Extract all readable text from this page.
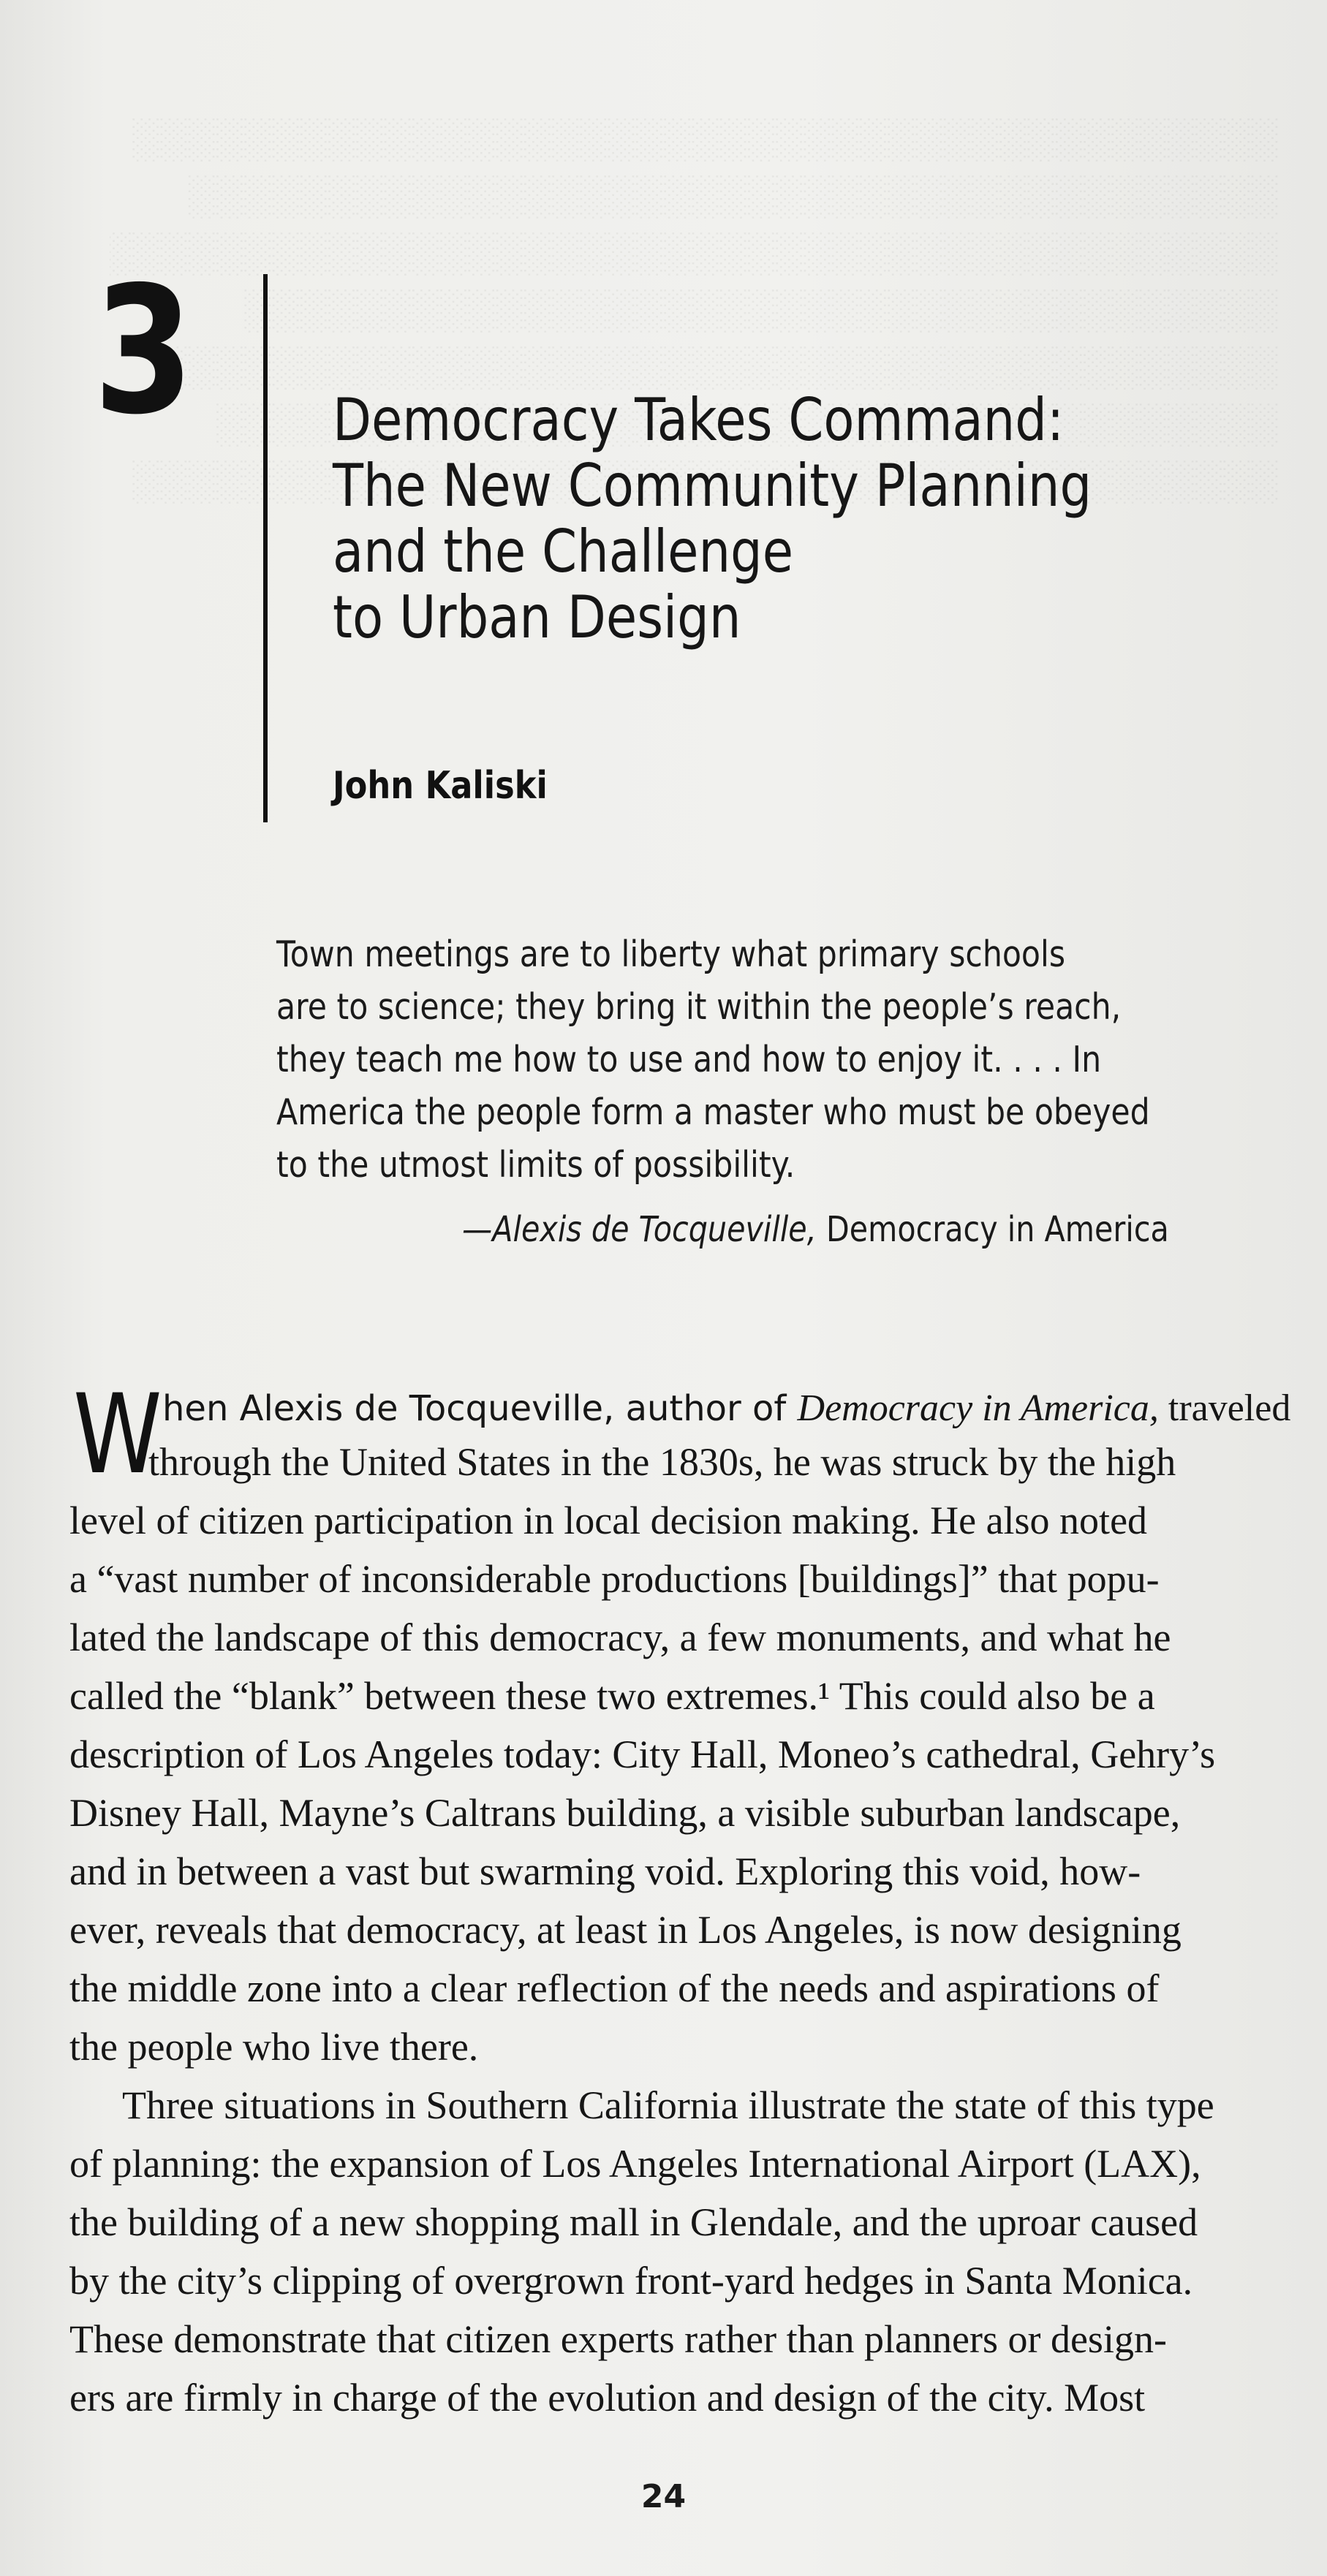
3 Democracy Takes Command:
The New Community Planning
and the Challenge
to Urban Design
John Kaliski
Town meetings are to liberty what primary schools
are to science; they bring it within the people’s reach,
they teach me how to use and how to enjoy it. . . . In
America the people form a master who must be obeyed
to the utmost limits of possibility.
—Alexis de Tocqueville, Democracy in America
W hen Alexis de Tocqueville, author of Democracy in America, traveled
through the United States in the 1830s, he was struck by the high
level of citizen participation in local decision making. He also noted
a “vast number of inconsiderable productions [buildings]” that popu-
lated the landscape of this democracy, a few monuments, and what he
called the “blank” between these two extremes.¹ This could also be a
description of Los Angeles today: City Hall, Moneo’s cathedral, Gehry’s
Disney Hall, Mayne’s Caltrans building, a visible suburban landscape,
and in between a vast but swarming void. Exploring this void, how-
ever, reveals that democracy, at least in Los Angeles, is now designing
the middle zone into a clear reflection of the needs and aspirations of
the people who live there.
Three situations in Southern California illustrate the state of this type
of planning: the expansion of Los Angeles International Airport (LAX),
the building of a new shopping mall in Glendale, and the uproar caused
by the city’s clipping of overgrown front-yard hedges in Santa Monica.
These demonstrate that citizen experts rather than planners or design-
ers are firmly in charge of the evolution and design of the city. Most
24
